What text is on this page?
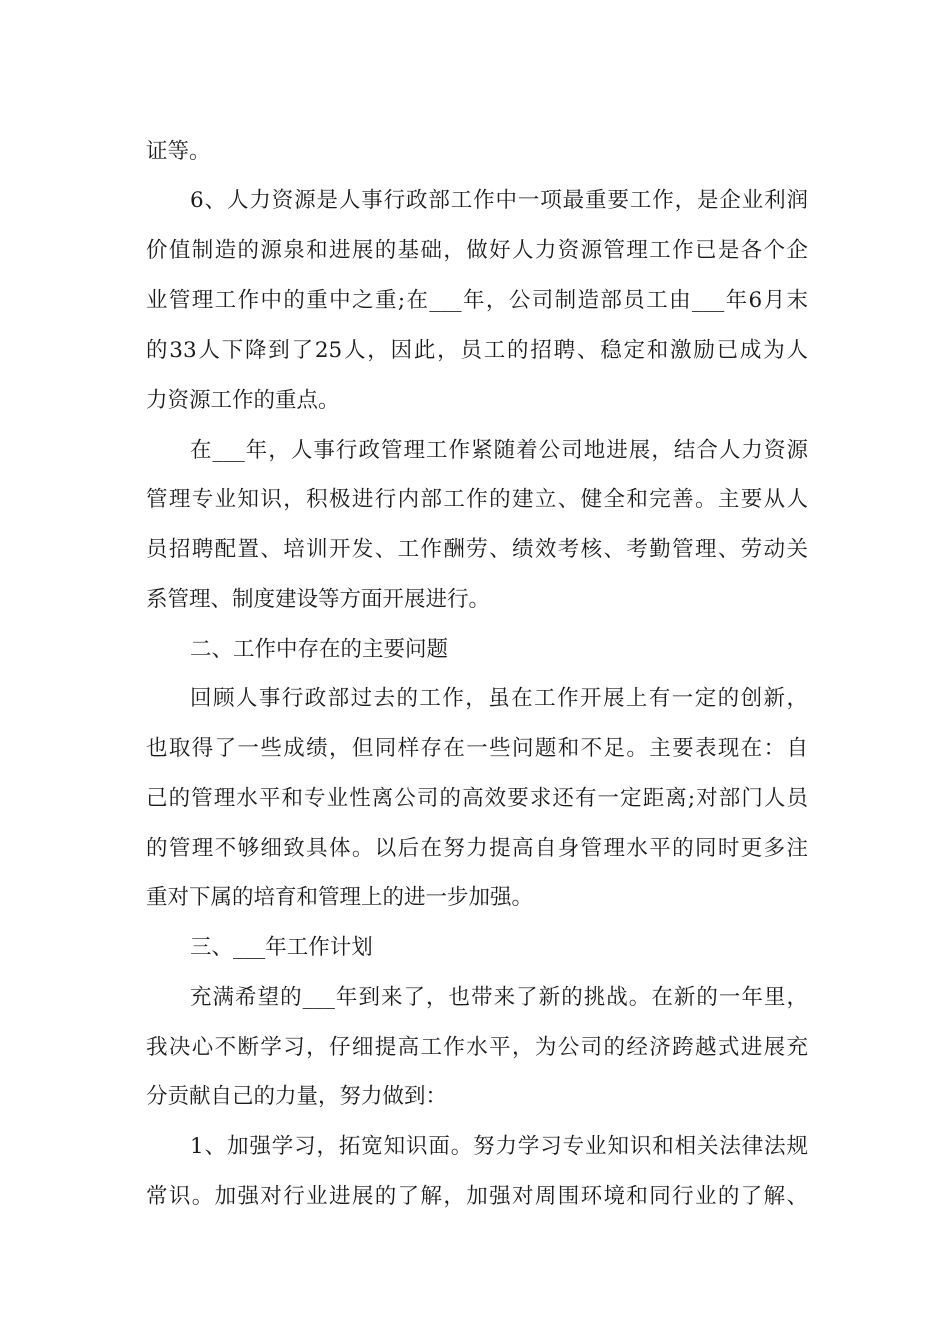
证等。
6、人力资源是人事行政部工作中一项最重要工作，是企业利润
价值制造的源泉和进展的基础，做好人力资源管理工作已是各个企
业管理工作中的重中之重;在___年，公司制造部员工由___年6月末
的33人下降到了25人，因此，员工的招聘、稳定和激励已成为人
力资源工作的重点。
在___年，人事行政管理工作紧随着公司地进展，结合人力资源
管理专业知识，积极进行内部工作的建立、健全和完善。主要从人
员招聘配置、培训开发、工作酬劳、绩效考核、考勤管理、劳动关
系管理、制度建设等方面开展进行。
二、工作中存在的主要问题
回顾人事行政部过去的工作，虽在工作开展上有一定的创新，
也取得了一些成绩，但同样存在一些问题和不足。主要表现在：自
己的管理水平和专业性离公司的高效要求还有一定距离;对部门人员
的管理不够细致具体。以后在努力提高自身管理水平的同时更多注
重对下属的培育和管理上的进一步加强。
三、___年工作计划
充满希望的___年到来了，也带来了新的挑战。在新的一年里，
我决心不断学习，仔细提高工作水平，为公司的经济跨越式进展充
分贡献自己的力量，努力做到：
1、加强学习，拓宽知识面。努力学习专业知识和相关法律法规
常识。加强对行业进展的了解，加强对周围环境和同行业的了解、
